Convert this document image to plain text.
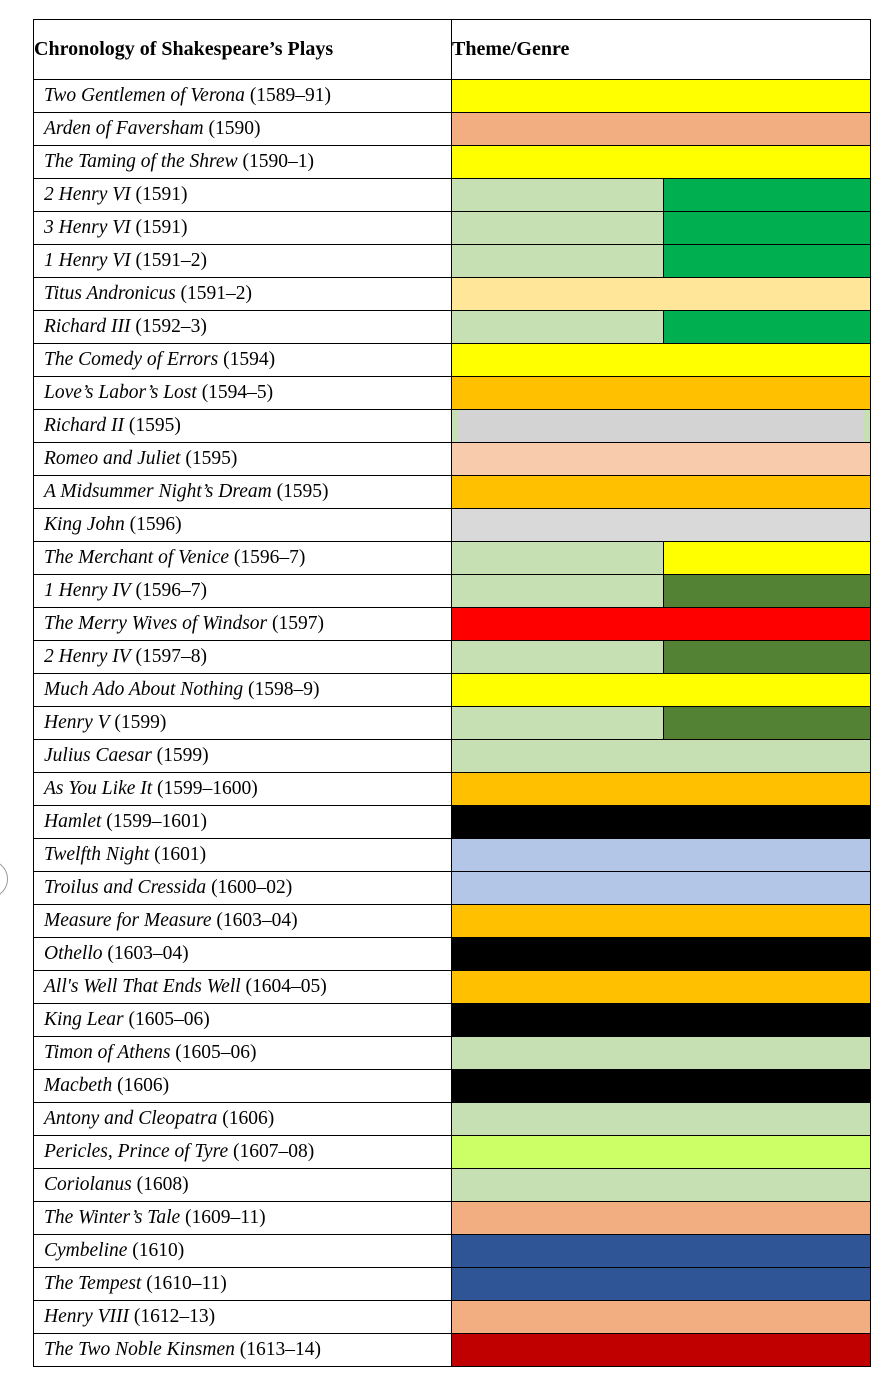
Chronology of Shakespeare’s Plays	Theme/Genre
Two Gentlemen of Verona (1589–91)	

Arden of Faversham (1590)	

The Taming of the Shrew (1590–1)	

2 Henry VI (1591)	

3 Henry VI (1591)	

1 Henry VI (1591–2)	

Titus Andronicus (1591–2)	

Richard III (1592–3)	

The Comedy of Errors (1594)	

Love’s Labor’s Lost (1594–5)	

Richard II (1595)	

Romeo and Juliet (1595)	

A Midsummer Night’s Dream (1595)	

King John (1596)	

The Merchant of Venice (1596–7)	

1 Henry IV (1596–7)	

The Merry Wives of Windsor (1597)	

2 Henry IV (1597–8)	

Much Ado About Nothing (1598–9)	

Henry V (1599)	

Julius Caesar (1599)	

As You Like It (1599–1600)	

Hamlet (1599–1601)	

Twelfth Night (1601)	

Troilus and Cressida (1600–02)	

Measure for Measure (1603–04)	

Othello (1603–04)	

All's Well That Ends Well (1604–05)	

King Lear (1605–06)	

Timon of Athens (1605–06)	

Macbeth (1606)	

Antony and Cleopatra (1606)	

Pericles, Prince of Tyre (1607–08)	

Coriolanus (1608)	

The Winter’s Tale (1609–11)	

Cymbeline (1610)	

The Tempest (1610–11)	

Henry VIII (1612–13)	

The Two Noble Kinsmen (1613–14)	
